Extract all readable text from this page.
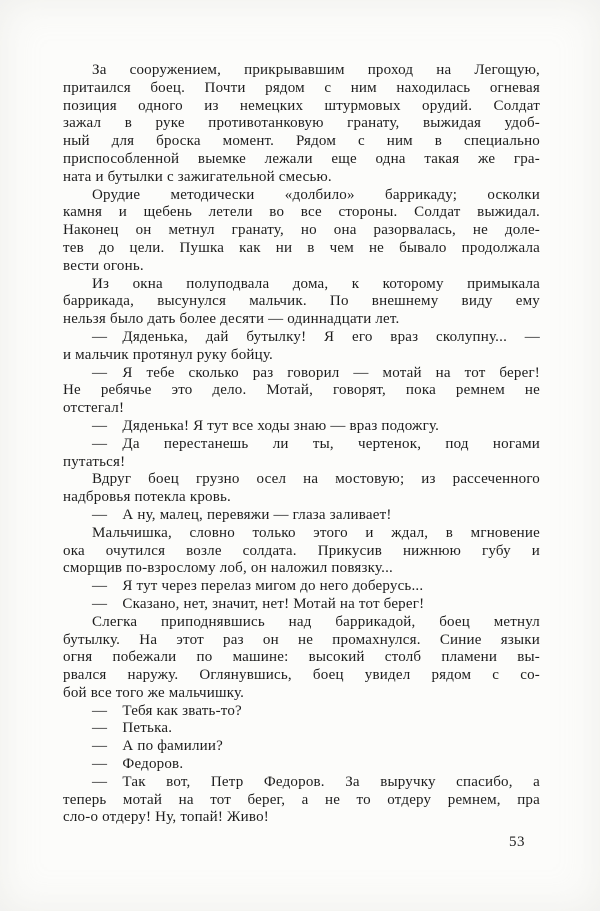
За сооружением, прикрывавшим проход на Легощую,
притаился боец. Почти рядом с ним находилась огневая
позиция одного из немецких штурмовых орудий. Солдат
зажал в руке противотанковую гранату, выжидая удоб-
ный для броска момент. Рядом с ним в специально
приспособленной выемке лежали еще одна такая же гра-
ната и бутылки с зажигательной смесью.
Орудие методически «долбило» баррикаду; осколки
камня и щебень летели во все стороны. Солдат выжидал.
Наконец он метнул гранату, но она разорвалась, не доле-
тев до цели. Пушка как ни в чем не бывало продолжала
вести огонь.
Из окна полуподвала дома, к которому примыкала
баррикада, высунулся мальчик. По внешнему виду ему
нельзя было дать более десяти — одиннадцати лет.
— Дяденька, дай бутылку! Я его враз сколупну... —
и мальчик протянул руку бойцу.
— Я тебе сколько раз говорил — мотай на тот берег!
Не ребячье это дело. Мотай, говорят, пока ремнем не
отстегал!
— Дяденька! Я тут все ходы знаю — враз подожгу.
— Да перестанешь ли ты, чертенок, под ногами
путаться!
Вдруг боец грузно осел на мостовую; из рассеченного
надбровья потекла кровь.
— А ну, малец, перевяжи — глаза заливает!
Мальчишка, словно только этого и ждал, в мгновение
ока очутился возле солдата. Прикусив нижнюю губу и
сморщив по-взрослому лоб, он наложил повязку...
— Я тут через перелаз мигом до него доберусь...
— Сказано, нет, значит, нет! Мотай на тот берег!
Слегка приподнявшись над баррикадой, боец метнул
бутылку. На этот раз он не промахнулся. Синие языки
огня побежали по машине: высокий столб пламени вы-
рвался наружу. Оглянувшись, боец увидел рядом с со-
бой все того же мальчишку.
— Тебя как звать-то?
— Петька.
— А по фамилии?
— Федоров.
— Так вот, Петр Федоров. За выручку спасибо, а
теперь мотай на тот берег, а не то отдеру ремнем, пра
сло-о отдеру! Ну, топай! Живо!
53
